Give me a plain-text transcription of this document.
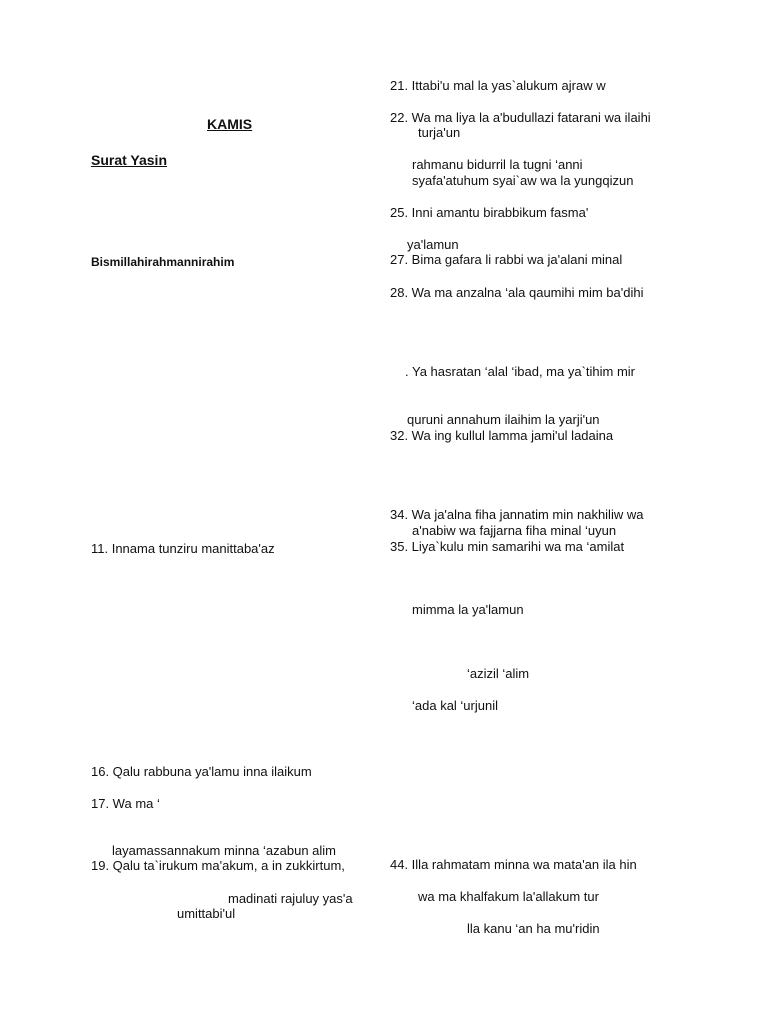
KAMIS
Surat Yasin
Bismillahirahmannirahim
11. Innama tunziru manittaba'az
16. Qalu rabbuna ya'lamu inna ilaikum
17. Wa ma ‘
layamassannakum minna ‘azabun alim
19. Qalu ta`irukum ma'akum, a in zukkirtum,
madinati rajuluy yas'a
umittabi'ul
21. Ittabi'u mal la yas`alukum ajraw w
22. Wa ma liya la a'budullazi fatarani wa ilaihi
turja'un
rahmanu bidurril la tugni ‘anni
syafa'atuhum syai`aw wa la yungqizun
25. Inni amantu birabbikum fasma'
ya'lamun
27. Bima gafara li rabbi wa ja'alani minal
28. Wa ma anzalna ‘ala qaumihi mim ba'dihi
. Ya hasratan ‘alal ‘ibad, ma ya`tihim mir
quruni annahum ilaihim la yarji'un
32. Wa ing kullul lamma jami'ul ladaina
34. Wa ja'alna fiha jannatim min nakhiliw wa
a'nabiw wa fajjarna fiha minal ‘uyun
35. Liya`kulu min samarihi wa ma ‘amilat
mimma la ya'lamun
‘azizil ‘alim
‘ada kal ‘urjunil
44. Illa rahmatam minna wa mata'an ila hin
wa ma khalfakum la'allakum tur
lla kanu ‘an ha mu'ridin
